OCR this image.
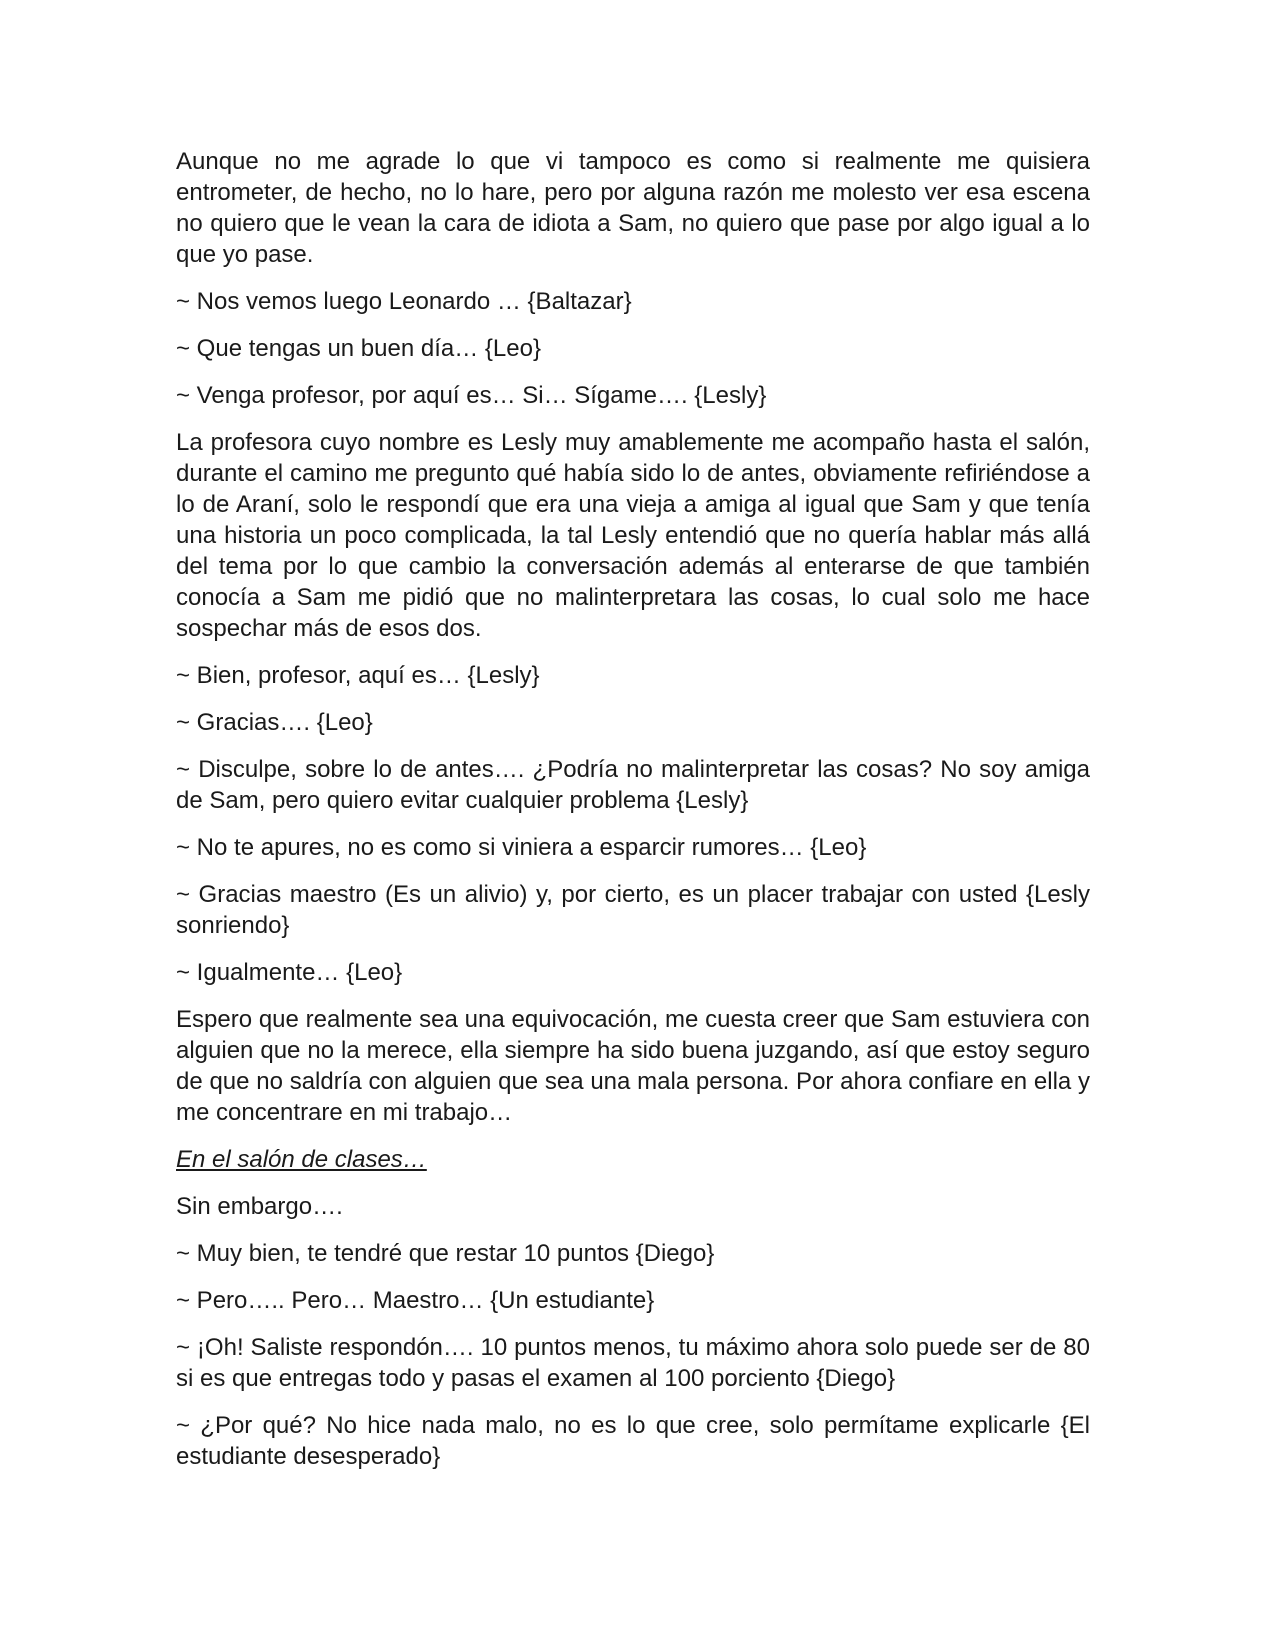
Aunque no me agrade lo que vi tampoco es como si realmente me quisiera entrometer, de hecho, no lo hare, pero por alguna razón me molesto ver esa escena no quiero que le vean la cara de idiota a Sam, no quiero que pase por algo igual a lo que yo pase.

~ Nos vemos luego Leonardo … {Baltazar}

~ Que tengas un buen día… {Leo}

~ Venga profesor, por aquí es… Si… Sígame…. {Lesly}

La profesora cuyo nombre es Lesly muy amablemente me acompaño hasta el salón, durante el camino me pregunto qué había sido lo de antes, obviamente refiriéndose a lo de Araní, solo le respondí que era una vieja a amiga al igual que Sam y que tenía una historia un poco complicada, la tal Lesly entendió que no quería hablar más allá del tema por lo que cambio la conversación además al enterarse de que también conocía a Sam me pidió que no malinterpretara las cosas, lo cual solo me hace sospechar más de esos dos.

~ Bien, profesor, aquí es… {Lesly}

~ Gracias…. {Leo}

~ Disculpe, sobre lo de antes…. ¿Podría no malinterpretar las cosas? No soy amiga de Sam, pero quiero evitar cualquier problema {Lesly}

~ No te apures, no es como si viniera a esparcir rumores… {Leo}

~ Gracias maestro (Es un alivio) y, por cierto, es un placer trabajar con usted {Lesly sonriendo}

~ Igualmente… {Leo}

Espero que realmente sea una equivocación, me cuesta creer que Sam estuviera con alguien que no la merece, ella siempre ha sido buena juzgando, así que estoy seguro de que no saldría con alguien que sea una mala persona. Por ahora confiare en ella y me concentrare en mi trabajo…

En el salón de clases…

Sin embargo….

~ Muy bien, te tendré que restar 10 puntos {Diego}

~ Pero….. Pero… Maestro… {Un estudiante}

~ ¡Oh! Saliste respondón…. 10 puntos menos, tu máximo ahora solo puede ser de 80 si es que entregas todo y pasas el examen al 100 porciento {Diego}

~ ¿Por qué? No hice nada malo, no es lo que cree, solo permítame explicarle {El estudiante desesperado}
